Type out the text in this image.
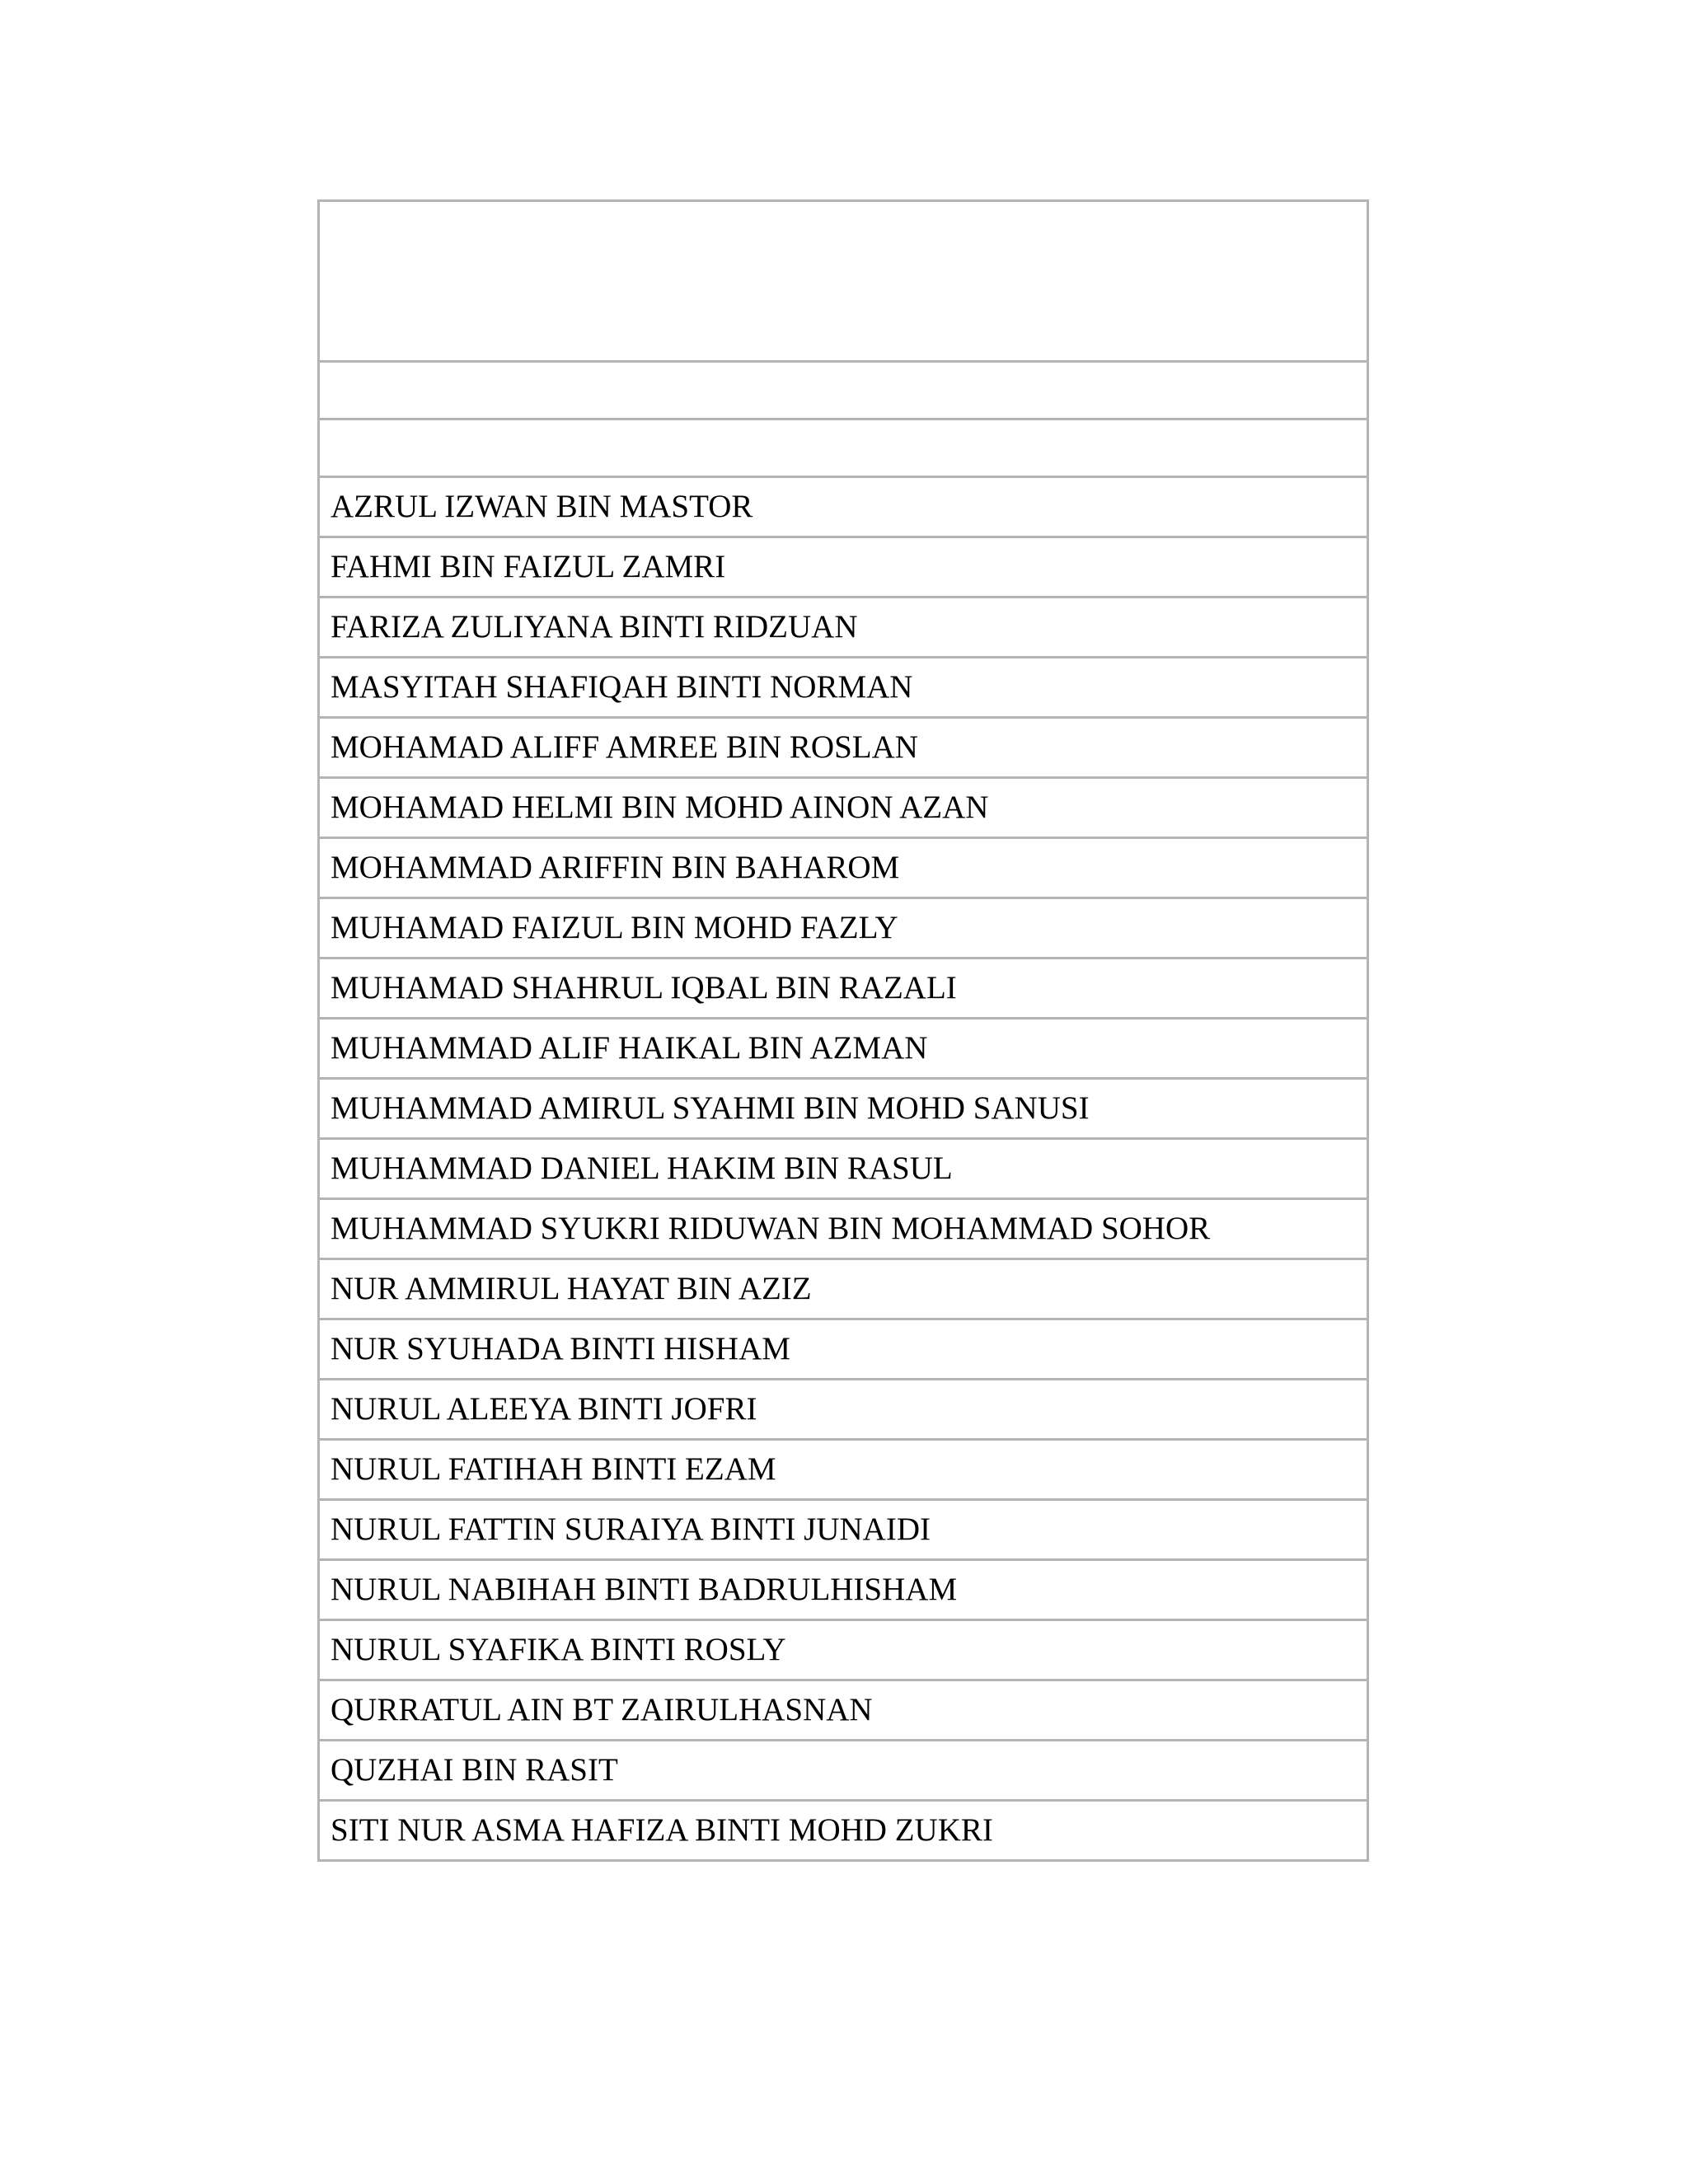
AZRUL IZWAN BIN MASTOR
FAHMI BIN FAIZUL ZAMRI
FARIZA ZULIYANA BINTI RIDZUAN
MASYITAH SHAFIQAH BINTI NORMAN
MOHAMAD ALIFF AMREE BIN ROSLAN
MOHAMAD HELMI BIN MOHD AINON AZAN
MOHAMMAD ARIFFIN BIN BAHAROM
MUHAMAD FAIZUL BIN MOHD FAZLY
MUHAMAD SHAHRUL IQBAL BIN RAZALI
MUHAMMAD ALIF HAIKAL BIN AZMAN
MUHAMMAD AMIRUL SYAHMI BIN MOHD SANUSI
MUHAMMAD DANIEL HAKIM BIN RASUL
MUHAMMAD SYUKRI RIDUWAN BIN MOHAMMAD SOHOR
NUR AMMIRUL HAYAT BIN AZIZ
NUR SYUHADA BINTI HISHAM
NURUL ALEEYA BINTI JOFRI
NURUL FATIHAH BINTI EZAM
NURUL FATTIN SURAIYA BINTI JUNAIDI
NURUL NABIHAH BINTI BADRULHISHAM
NURUL SYAFIKA BINTI ROSLY
QURRATUL AIN BT ZAIRULHASNAN
QUZHAI BIN RASIT
SITI NUR ASMA HAFIZA BINTI MOHD ZUKRI
